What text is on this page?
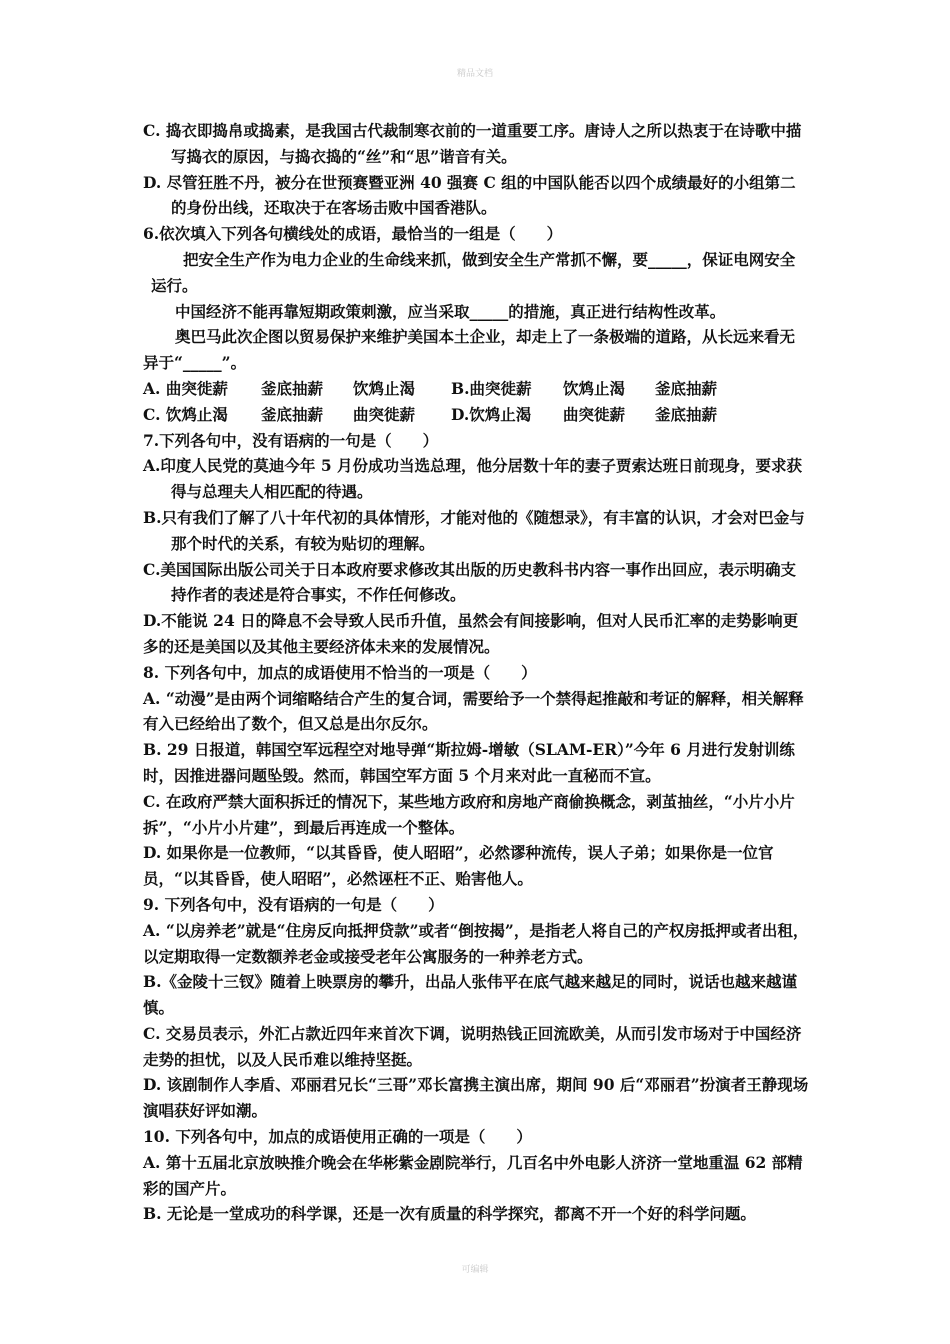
精品文档

C. 捣衣即捣帛或捣素，是我国古代裁制寒衣前的一道重要工序。唐诗人之所以热衷于在诗歌中描写捣衣的原因，与捣衣捣的“丝”和“思”谐音有关。

D. 尽管狂胜不丹，被分在世预赛暨亚洲 40 强赛 C 组的中国队能否以四个成绩最好的小组第二的身份出线，还取决于在客场击败中国香港队。

6.依次填入下列各句横线处的成语，最恰当的一组是（　　）

把安全生产作为电力企业的生命线来抓，做到安全生产常抓不懈，要_____，保证电网安全运行。

中国经济不能再靠短期政策刺激，应当采取_____的措施，真正进行结构性改革。

奥巴马此次企图以贸易保护来维护美国本土企业，却走上了一条极端的道路，从长远来看无异于“_____”。

A. 曲突徙薪	釜底抽薪	饮鸩止渴	B.曲突徙薪	饮鸩止渴	釜底抽薪
C. 饮鸩止渴	釜底抽薪	曲突徙薪	D.饮鸩止渴	曲突徙薪	釜底抽薪

7.下列各句中，没有语病的一句是（　　）

A.印度人民党的莫迪今年 5 月份成功当选总理，他分居数十年的妻子贾索达班日前现身，要求获得与总理夫人相匹配的待遇。

B.只有我们了解了八十年代初的具体情形，才能对他的《随想录》，有丰富的认识，才会对巴金与那个时代的关系，有较为贴切的理解。

C.美国国际出版公司关于日本政府要求修改其出版的历史教科书内容一事作出回应，表示明确支持作者的表述是符合事实，不作任何修改。

D.不能说 24 日的降息不会导致人民币升值，虽然会有间接影响，但对人民币汇率的走势影响更多的还是美国以及其他主要经济体未来的发展情况。

8. 下列各句中，加点的成语使用不恰当的一项是（　　）

A. “动漫”是由两个词缩略结合产生的复合词，需要给予一个禁得起推敲和考证的解释，相关解释有入已经给出了数个，但又总是出尔反尔。

B. 29 日报道，韩国空军远程空对地导弹“斯拉姆-增敏（SLAM-ER）”今年 6 月进行发射训练时，因推进器问题坠毁。然而，韩国空军方面 5 个月来对此一直秘而不宣。

C. 在政府严禁大面积拆迁的情况下，某些地方政府和房地产商偷换概念，剥茧抽丝，“小片小片拆”，“小片小片建”，到最后再连成一个整体。

D. 如果你是一位教师，“以其昏昏，使人昭昭”，必然谬种流传，误人子弟；如果你是一位官员，“以其昏昏，使人昭昭”，必然诬枉不正、贻害他人。

9. 下列各句中，没有语病的一句是（　　）

A. “以房养老”就是“住房反向抵押贷款”或者“倒按揭”，是指老人将自己的产权房抵押或者出租，以定期取得一定数额养老金或接受老年公寓服务的一种养老方式。

B.《金陵十三钗》随着上映票房的攀升，出品人张伟平在底气越来越足的同时，说话也越来越谨慎。

C. 交易员表示，外汇占款近四年来首次下调，说明热钱正回流欧美，从而引发市场对于中国经济走势的担忧，以及人民币难以维持坚挺。

D. 该剧制作人李盾、邓丽君兄长“三哥”邓长富携主演出席，期间 90 后“邓丽君”扮演者王静现场演唱获好评如潮。

10. 下列各句中，加点的成语使用正确的一项是（　　）

A. 第十五届北京放映推介晚会在华彬紫金剧院举行，几百名中外电影人济济一堂地重温 62 部精彩的国产片。

B. 无论是一堂成功的科学课，还是一次有质量的科学探究，都离不开一个好的科学问题。

可编辑
